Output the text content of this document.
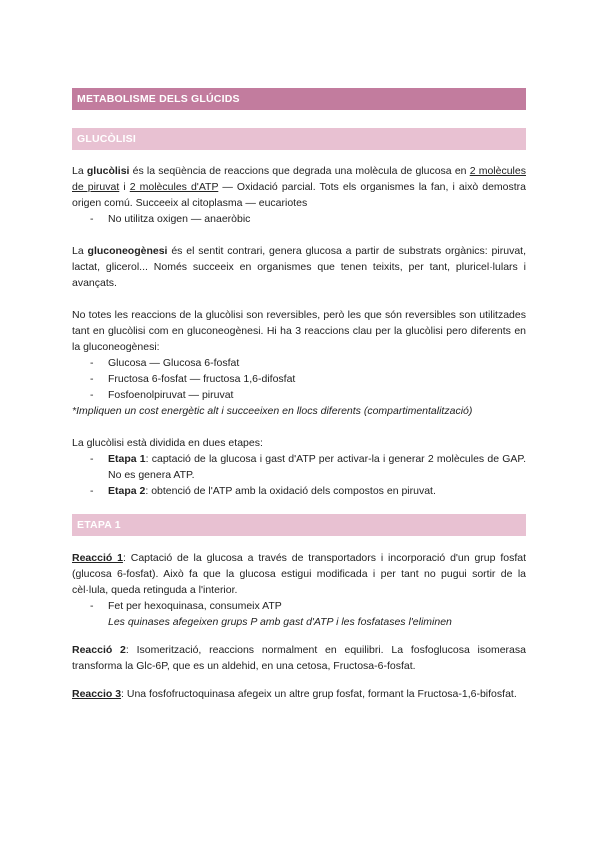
METABOLISME DELS GLÚCIDS
GLUCÒLISI

La glucòlisi és la seqüència de reaccions que degrada una molècula de glucosa en 2 molècules de piruvat i 2 molècules d'ATP — Oxidació parcial. Tots els organismes la fan, i això demostra origen comú. Succeeix al citoplasma — eucariotes

- No utilitza oxigen — anaeròbic

La gluconeogènesi és el sentit contrari, genera glucosa a partir de substrats orgànics: piruvat, lactat, glicerol... Només succeeix en organismes que tenen teixits, per tant, pluricel·lulars i avançats.

No totes les reaccions de la glucòlisi son reversibles, però les que són reversibles son utilitzades tant en glucòlisi com en gluconeogènesi. Hi ha 3 reaccions clau per la glucòlisi pero diferents en la gluconeogènesi:

- Glucosa — Glucosa 6-fosfat
- Fructosa 6-fosfat — fructosa 1,6-difosfat
- Fosfoenolpiruvat — piruvat

*Impliquen un cost energètic alt i succeeixen en llocs diferents (compartimentalització)

La glucòlisi està dividida en dues etapes:

- Etapa 1: captació de la glucosa i gast d'ATP per activar-la i generar 2 molècules de GAP. No es genera ATP.
- Etapa 2: obtenció de l'ATP amb la oxidació dels compostos en piruvat.
ETAPA 1

Reacció 1: Captació de la glucosa a través de transportadors i incorporació d'un grup fosfat (glucosa 6-fosfat). Això fa que la glucosa estigui modificada i per tant no pugui sortir de la cèl·lula, queda retinguda a l'interior.

- Fet per hexoquinasa, consumeix ATP
Les quinases afegeixen grups P amb gast d'ATP i les fosfatases l'eliminen

Reacció 2: Isomerització, reaccions normalment en equilibri. La fosfoglucosa isomerasa transforma la Glc-6P, que es un aldehid, en una cetosa, Fructosa-6-fosfat.

Reaccio 3: Una fosfofructoquinasa afegeix un altre grup fosfat, formant la Fructosa-1,6-bifosfat.
